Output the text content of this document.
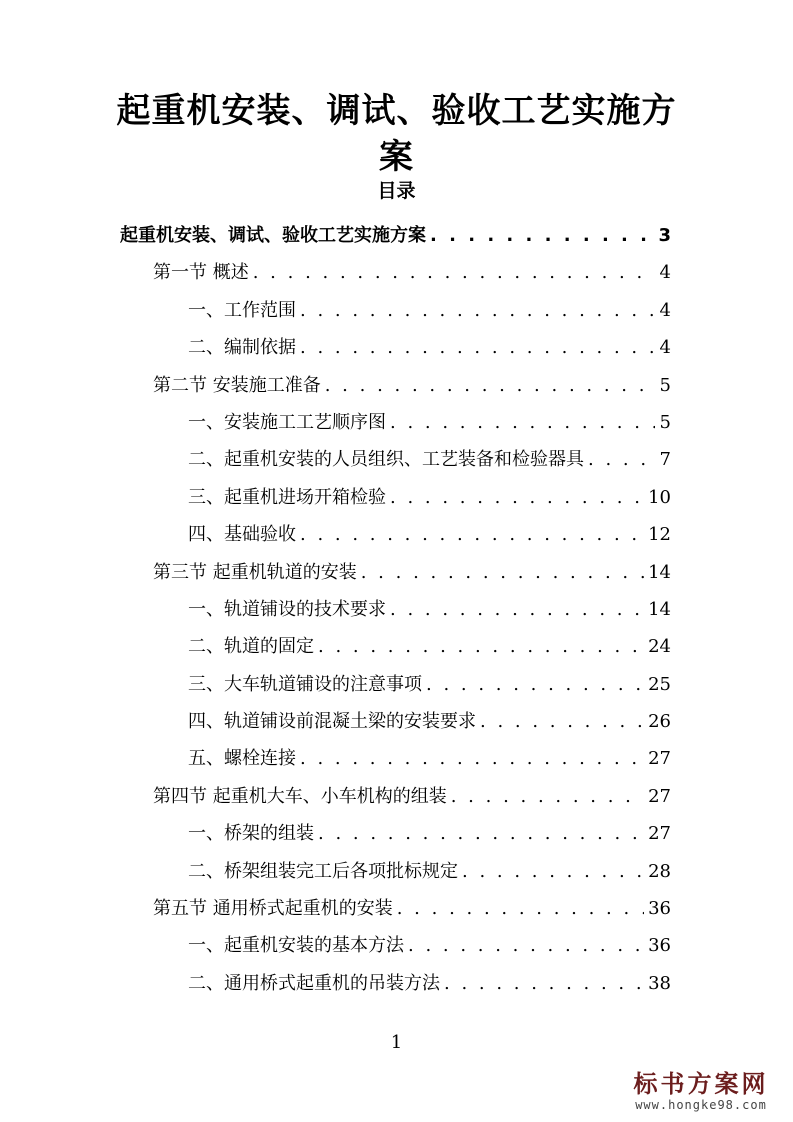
起重机安装、调试、验收工艺实施方案
目录
起重机安装、调试、验收工艺实施方案 . . .	3
第一节 概述 . . .	4
一、工作范围 . . .	4
二、编制依据 . . .	4
第二节 安装施工准备 . . .	5
一、安装施工工艺顺序图 . . .	5
二、起重机安装的人员组织、工艺装备和检验器具 . . .	7
三、起重机进场开箱检验 . . .	10
四、基础验收 . . .	12
第三节 起重机轨道的安装 . . .	14
一、轨道铺设的技术要求 . . .	14
二、轨道的固定 . . .	24
三、大车轨道铺设的注意事项 . . .	25
四、轨道铺设前混凝土梁的安装要求 . . .	26
五、螺栓连接 . . .	27
第四节 起重机大车、小车机构的组装 . . .	27
一、桥架的组装 . . .	27
二、桥架组装完工后各项批标规定 . . .	28
第五节 通用桥式起重机的安装 . . .	36
一、起重机安装的基本方法 . . .	36
二、通用桥式起重机的吊装方法 . . .	38
1
标书方案网
www.hongke98.com
